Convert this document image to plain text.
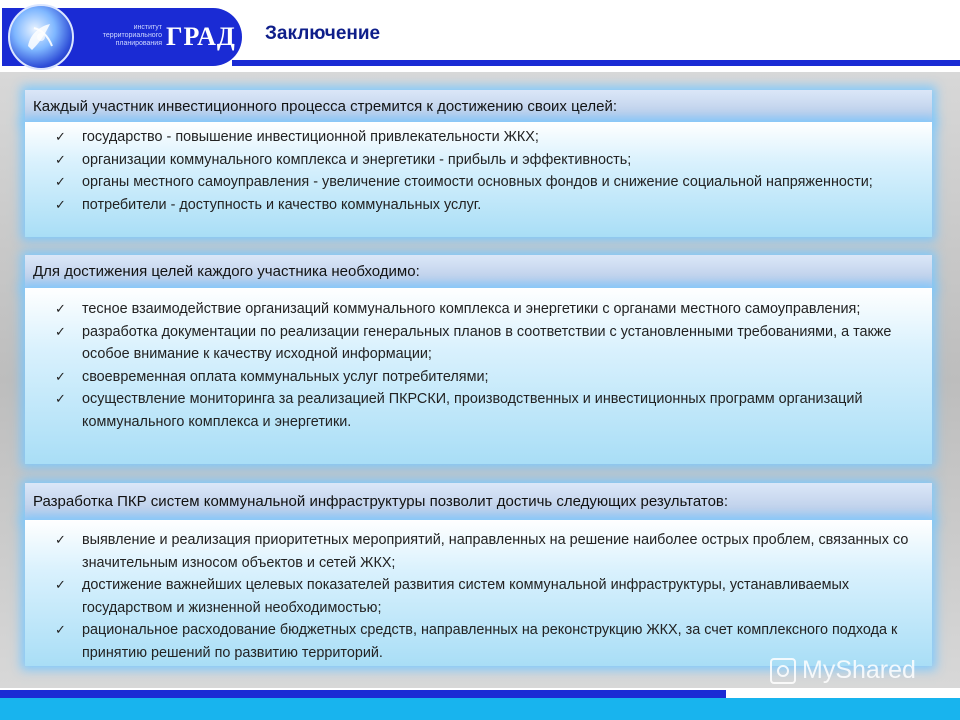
институт территориального планирования ГРАД Заключение
Каждый участник инвестиционного процесса стремится к достижению своих целей:
✓ государство - повышение инвестиционной привлекательности ЖКХ;
✓ организации коммунального комплекса и энергетики - прибыль и эффективность;
✓ органы местного самоуправления - увеличение стоимости основных фондов и снижение социальной напряженности;
✓ потребители - доступность и качество коммунальных услуг.
Для достижения целей каждого участника необходимо:
✓ тесное взаимодействие организаций коммунального комплекса и энергетики с органами местного самоуправления;
✓ разработка документации по реализации генеральных планов в соответствии с установленными требованиями, а также особое внимание к качеству исходной информации;
✓ своевременная оплата коммунальных услуг потребителями;
✓ осуществление мониторинга за реализацией ПКРСКИ, производственных и инвестиционных программ организаций коммунального комплекса и энергетики.
Разработка ПКР систем коммунальной инфраструктуры позволит достичь следующих результатов:
✓ выявление и реализация приоритетных мероприятий, направленных на решение наиболее острых проблем, связанных со значительным износом объектов и сетей ЖКХ;
✓ достижение важнейших целевых показателей развития систем коммунальной инфраструктуры, устанавливаемых государством и жизненной необходимостью;
✓ рациональное расходование бюджетных средств, направленных на реконструкцию ЖКХ, за счет комплексного подхода к принятию решений по развитию территорий.
MyShared
